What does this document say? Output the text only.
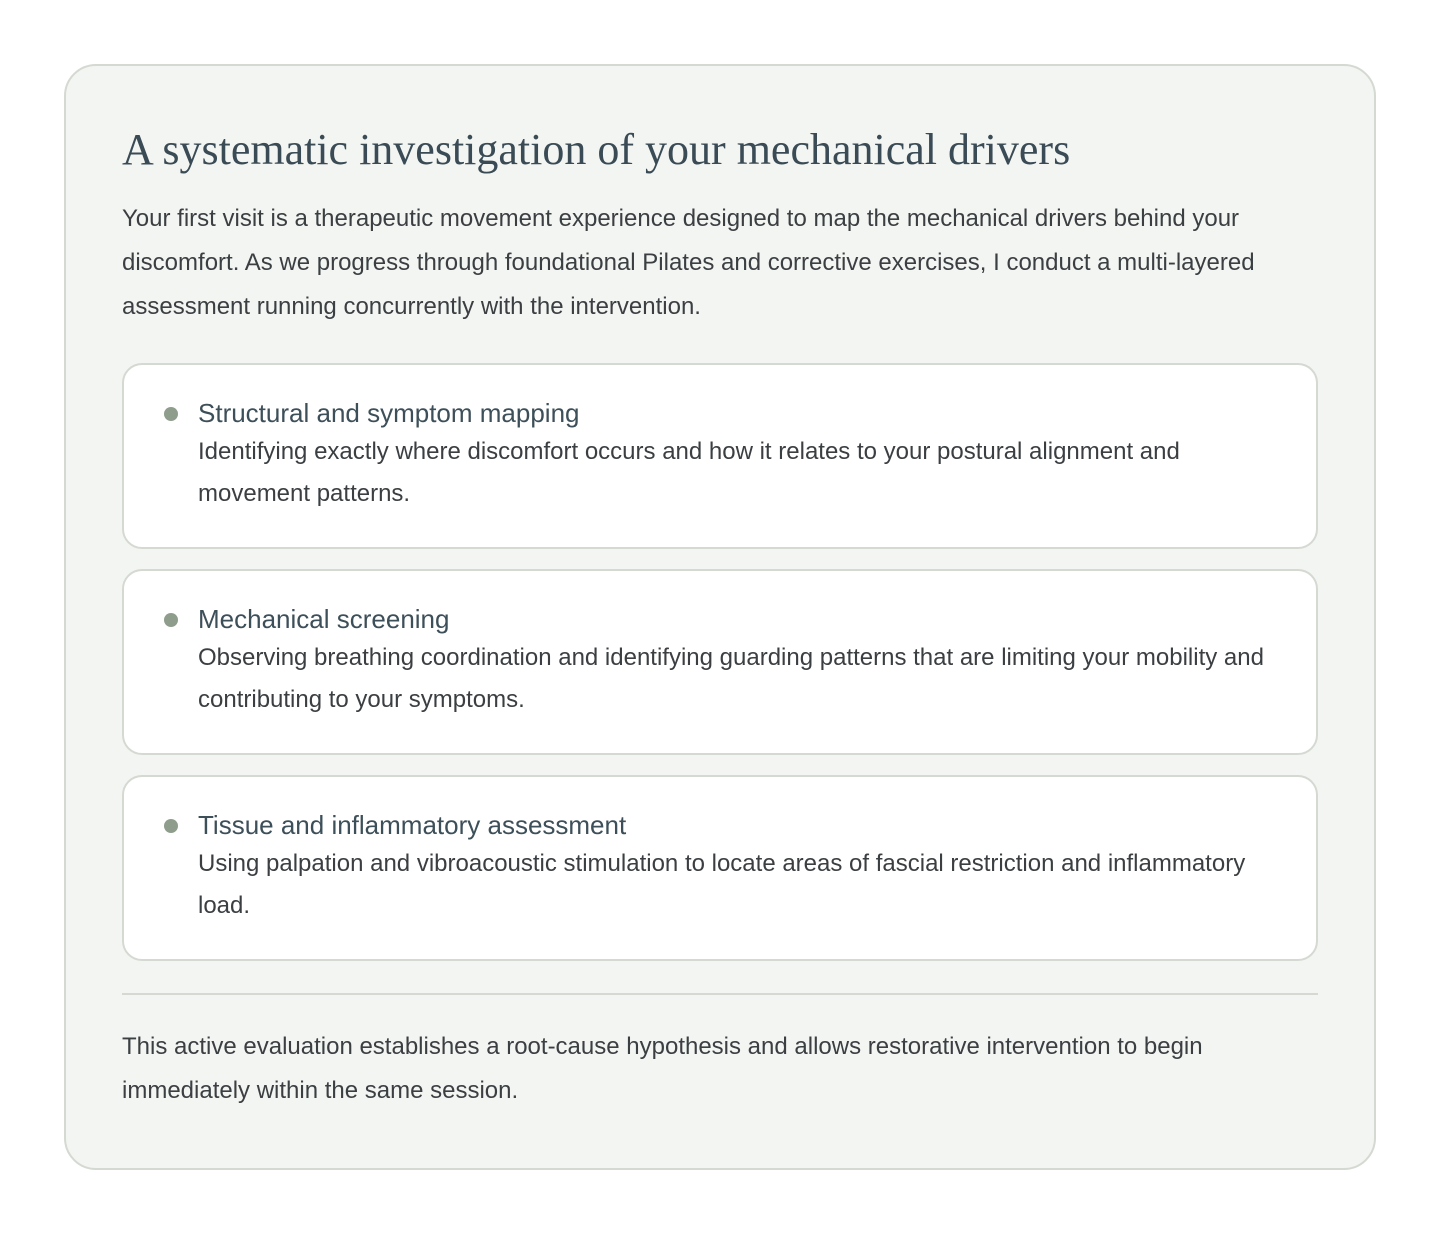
A systematic investigation of your mechanical drivers

Your first visit is a therapeutic movement experience designed to map the mechanical drivers behind your discomfort. As we progress through foundational Pilates and corrective exercises, I conduct a multi-layered assessment running concurrently with the intervention.

Structural and symptom mapping
Identifying exactly where discomfort occurs and how it relates to your postural alignment and movement patterns.
Mechanical screening
Observing breathing coordination and identifying guarding patterns that are limiting your mobility and contributing to your symptoms.
Tissue and inflammatory assessment
Using palpation and vibroacoustic stimulation to locate areas of fascial restriction and inflammatory load.

This active evaluation establishes a root-cause hypothesis and allows restorative intervention to begin immediately within the same session.
